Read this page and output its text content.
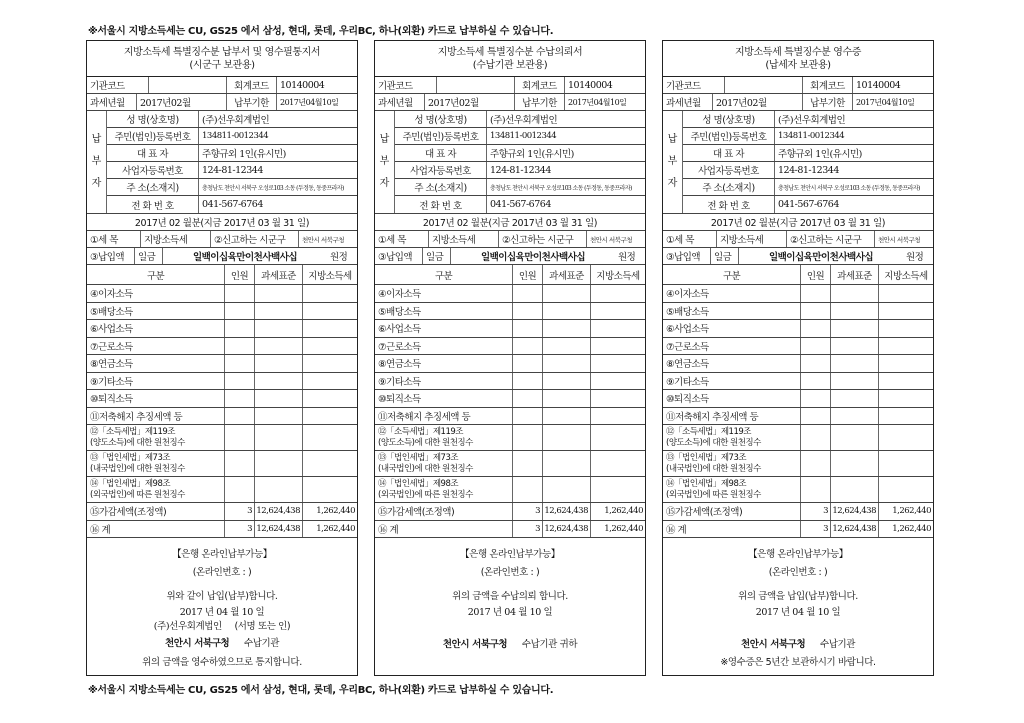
※서울시 지방소득세는 CU, GS25 에서 삼성, 현대, 롯데, 우리BC, 하나(외환) 카드로 납부하실 수 있습니다.
지방소득세 특별징수분 납부서 및 영수필통지서
(시군구 보관용)
기관코드	회계코드	10140004
과세년월	2017년02월	납부기한	2017년04월10일
납
부
자
성 명(상호명)	(주)선우회계법인
주민(법인)등록번호	134811-0012344
대 표 자	주향규외 1인(유시민)
사업자등록번호	124-81-12344
주 소(소재지)	충청남도 천안시 서북구 오성로103 소동 (두정동, 동중프라자)
전 화 번 호	041-567-6764
2017년 02 월분(지금 2017년 03 월 31 일)
①세 목	지방소득세	②신고하는 시군구	천안시 서북구청
③납입액	일금	일백이십육만이천사백사십	원정
구분	인원	과세표준	지방소득세
④이자소득
⑤배당소득
⑥사업소득
⑦근로소득
⑧연금소득
⑨기타소득
⑩퇴직소득
⑪저축해지 추징세액 등
⑫「소득세법」제119조
(양도소득)에 대한 원천징수
⑬「법인세법」제73조
(내국법인)에 대한 원천징수
⑭「법인세법」제98조
(외국법인)에 따른 원천징수
⑮가감세액(조정액)	3 12,624,438	1,262,440
⑯ 계	3 12,624,438	1,262,440
【은행 온라인납부가능】
(온라인번호 : )
위와 같이 납입(납부)합니다.
2017 년 04 월 10 일
(주)선우회계법인 (서명 또는 인)
천안시 서북구청 수납기관
위의 금액을 영수하였으므로 통지합니다.
지방소득세 특별징수분 수납의뢰서
(수납기관 보관용)
기관코드	회계코드	10140004
과세년월	2017년02월	납부기한	2017년04월10일
납
부
자
성 명(상호명)	(주)선우회계법인
주민(법인)등록번호	134811-0012344
대 표 자	주향규외 1인(유시민)
사업자등록번호	124-81-12344
주 소(소재지)	충청남도 천안시 서북구 오성로103 소동 (두정동, 동중프라자)
전 화 번 호	041-567-6764
2017년 02 월분(지금 2017년 03 월 31 일)
①세 목	지방소득세	②신고하는 시군구	천안시 서북구청
③납입액	일금	일백이십육만이천사백사십	원정
구분	인원	과세표준	지방소득세
④이자소득
⑤배당소득
⑥사업소득
⑦근로소득
⑧연금소득
⑨기타소득
⑩퇴직소득
⑪저축해지 추징세액 등
⑫「소득세법」제119조
(양도소득)에 대한 원천징수
⑬「법인세법」제73조
(내국법인)에 대한 원천징수
⑭「법인세법」제98조
(외국법인)에 따른 원천징수
⑮가감세액(조정액)	3 12,624,438	1,262,440
⑯ 계	3 12,624,438	1,262,440
【은행 온라인납부가능】
(온라인번호 : )
위의 금액을 수납의뢰 합니다.
2017 년 04 월 10 일
천안시 서북구청 수납기관 귀하
지방소득세 특별징수분 영수증
(납세자 보관용)
기관코드	회계코드	10140004
과세년월	2017년02월	납부기한	2017년04월10일
납
부
자
성 명(상호명)	(주)선우회계법인
주민(법인)등록번호	134811-0012344
대 표 자	주향규외 1인(유시민)
사업자등록번호	124-81-12344
주 소(소재지)	충청남도 천안시 서북구 오성로103 소동 (두정동, 동중프라자)
전 화 번 호	041-567-6764
2017년 02 월분(지금 2017년 03 월 31 일)
①세 목	지방소득세	②신고하는 시군구	천안시 서북구청
③납입액	일금	일백이십육만이천사백사십	원정
구분	인원	과세표준	지방소득세
④이자소득
⑤배당소득
⑥사업소득
⑦근로소득
⑧연금소득
⑨기타소득
⑩퇴직소득
⑪저축해지 추징세액 등
⑫「소득세법」제119조
(양도소득)에 대한 원천징수
⑬「법인세법」제73조
(내국법인)에 대한 원천징수
⑭「법인세법」제98조
(외국법인)에 따른 원천징수
⑮가감세액(조정액)	3 12,624,438	1,262,440
⑯ 계	3 12,624,438	1,262,440
【은행 온라인납부가능】
(온라인번호 : )
위의 금액을 납입(납부)합니다.
2017 년 04 월 10 일
천안시 서북구청 수납기관
※영수증은 5년간 보관하시기 바랍니다.
※서울시 지방소득세는 CU, GS25 에서 삼성, 현대, 롯데, 우리BC, 하나(외환) 카드로 납부하실 수 있습니다.
